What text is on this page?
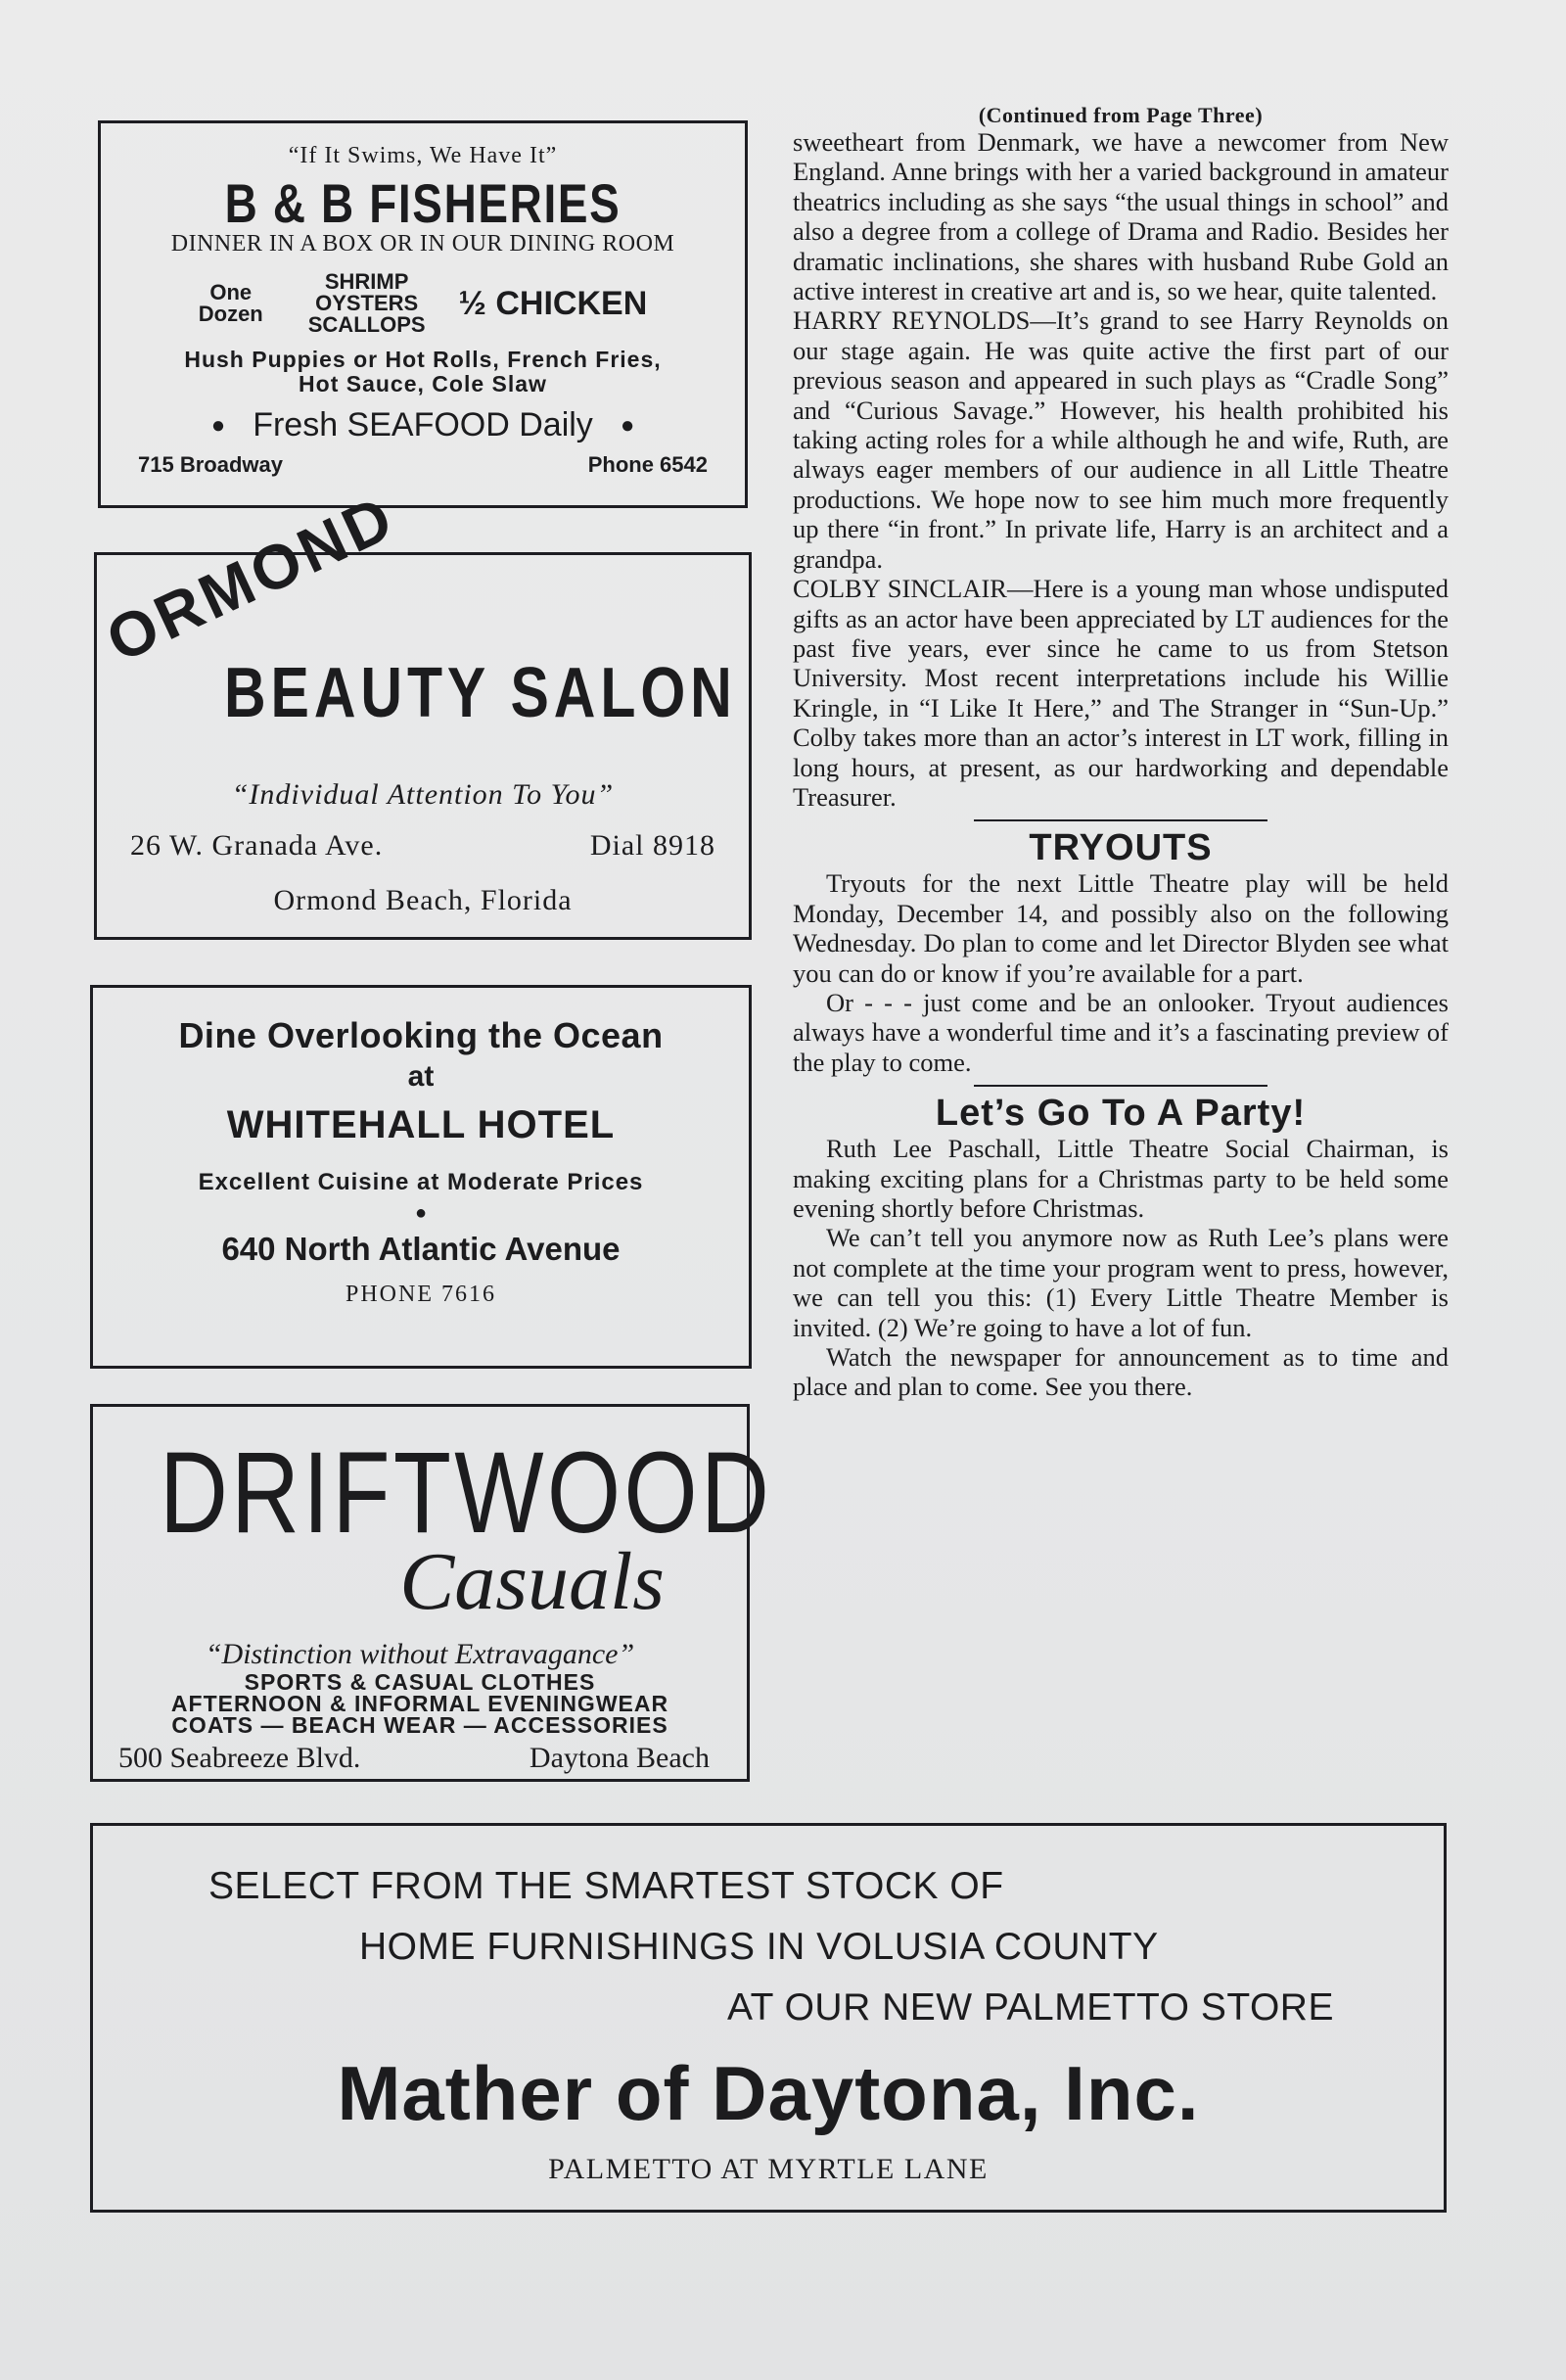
“If It Swims, We Have It”
B & B FISHERIES
DINNER IN A BOX OR IN OUR DINING ROOM
One
Dozen
SHRIMP
OYSTERS
SCALLOPS
½ CHICKEN
Hush Puppies or Hot Rolls, French Fries,
Hot Sauce, Cole Slaw
● Fresh SEAFOOD Daily ●
715 Broadway	Phone 6542
ORMOND
BEAUTY SALON
“Individual Attention To You”
26 W. Granada Ave.	Dial 8918
Ormond Beach, Florida
Dine Overlooking the Ocean
at
WHITEHALL HOTEL
Excellent Cuisine at Moderate Prices
●
640 North Atlantic Avenue
PHONE 7616
DRIFTWOOD
Casuals
“Distinction without Extravagance”
SPORTS & CASUAL CLOTHES
AFTERNOON & INFORMAL EVENINGWEAR
COATS — BEACH WEAR — ACCESSORIES
500 Seabreeze Blvd.	Daytona Beach
(Continued from Page Three)

sweetheart from Denmark, we have a newcomer from New England. Anne brings with her a varied background in amateur theatrics including as she says “the usual things in school” and also a degree from a college of Drama and Radio. Besides her dramatic inclinations, she shares with husband Rube Gold an active interest in creative art and is, so we hear, quite talented.

HARRY REYNOLDS—It’s grand to see Harry Reynolds on our stage again. He was quite active the first part of our previous season and appeared in such plays as “Cradle Song” and “Curious Savage.” However, his health prohibited his taking acting roles for a while although he and wife, Ruth, are always eager members of our audience in all Little Theatre productions. We hope now to see him much more frequently up there “in front.” In private life, Harry is an architect and a grandpa.

COLBY SINCLAIR—Here is a young man whose undisputed gifts as an actor have been appreciated by LT audiences for the past five years, ever since he came to us from Stetson University. Most recent interpretations include his Willie Kringle, in “I Like It Here,” and The Stranger in “Sun-Up.” Colby takes more than an actor’s interest in LT work, filling in long hours, at present, as our hardworking and dependable Treasurer.

TRYOUTS

Tryouts for the next Little Theatre play will be held Monday, December 14, and possibly also on the following Wednesday. Do plan to come and let Director Blyden see what you can do or know if you’re available for a part.

Or - - - just come and be an onlooker. Tryout audiences always have a wonderful time and it’s a fascinating preview of the play to come.

Let’s Go To A Party!

Ruth Lee Paschall, Little Theatre Social Chairman, is making exciting plans for a Christmas party to be held some evening shortly before Christmas.

We can’t tell you anymore now as Ruth Lee’s plans were not complete at the time your program went to press, however, we can tell you this: (1) Every Little Theatre Member is invited. (2) We’re going to have a lot of fun.

Watch the newspaper for announcement as to time and place and plan to come. See you there.

SELECT FROM THE SMARTEST STOCK OF
HOME FURNISHINGS IN VOLUSIA COUNTY
AT OUR NEW PALMETTO STORE
Mather of Daytona, Inc.
PALMETTO AT MYRTLE LANE
